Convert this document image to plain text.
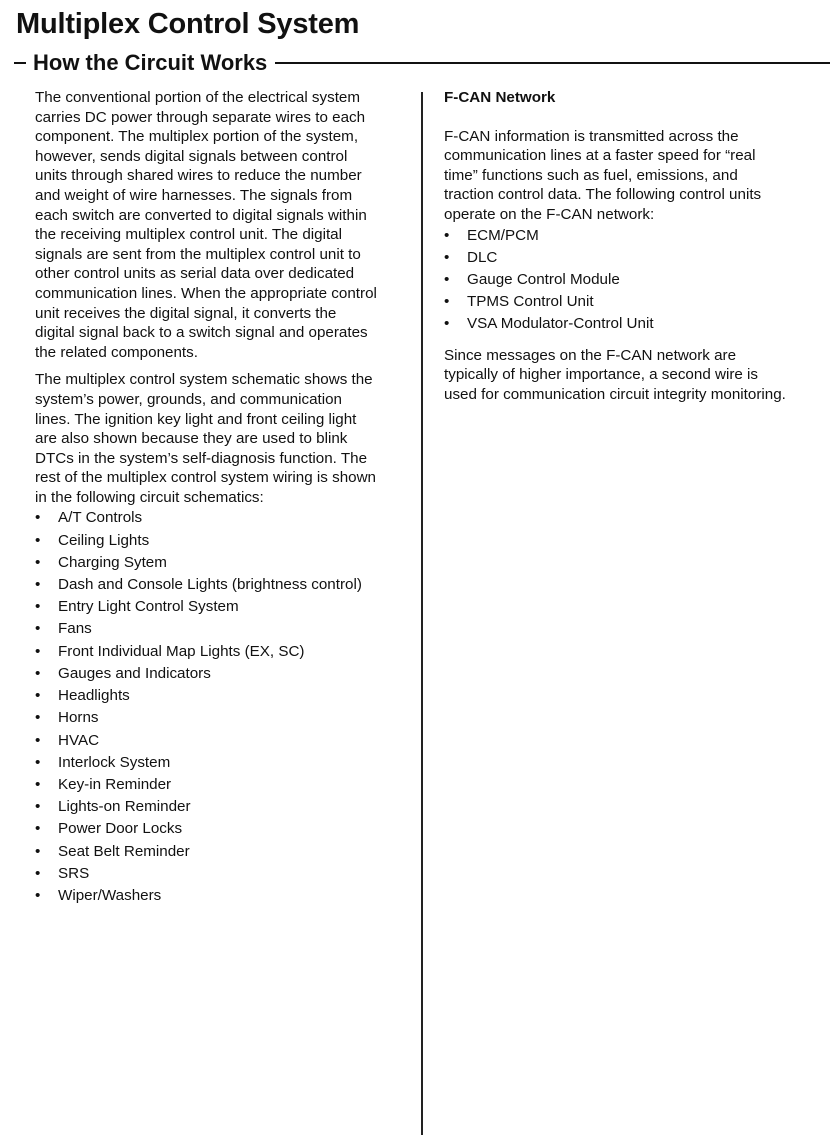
Multiplex Control System
How the Circuit Works

The conventional portion of the electrical system
carries DC power through separate wires to each
component. The multiplex portion of the system,
however, sends digital signals between control
units through shared wires to reduce the number
and weight of wire harnesses. The signals from
each switch are converted to digital signals within
the receiving multiplex control unit. The digital
signals are sent from the multiplex control unit to
other control units as serial data over dedicated
communication lines. When the appropriate control
unit receives the digital signal, it converts the
digital signal back to a switch signal and operates
the related components.

The multiplex control system schematic shows the
system’s power, grounds, and communication
lines. The ignition key light and front ceiling light
are also shown because they are used to blink
DTCs in the system’s self-diagnosis function. The
rest of the multiplex control system wiring is shown
in the following circuit schematics:

• A/T Controls
• Ceiling Lights
• Charging Sytem
• Dash and Console Lights (brightness control)
• Entry Light Control System
• Fans
• Front Individual Map Lights (EX, SC)
• Gauges and Indicators
• Headlights
• Horns
• HVAC
• Interlock System
• Key-in Reminder
• Lights-on Reminder
• Power Door Locks
• Seat Belt Reminder
• SRS
• Wiper/Washers

F-CAN Network

F-CAN information is transmitted across the
communication lines at a faster speed for “real
time” functions such as fuel, emissions, and
traction control data. The following control units
operate on the F-CAN network:

• ECM/PCM
• DLC
• Gauge Control Module
• TPMS Control Unit
• VSA Modulator-Control Unit

Since messages on the F-CAN network are
typically of higher importance, a second wire is
used for communication circuit integrity monitoring.
